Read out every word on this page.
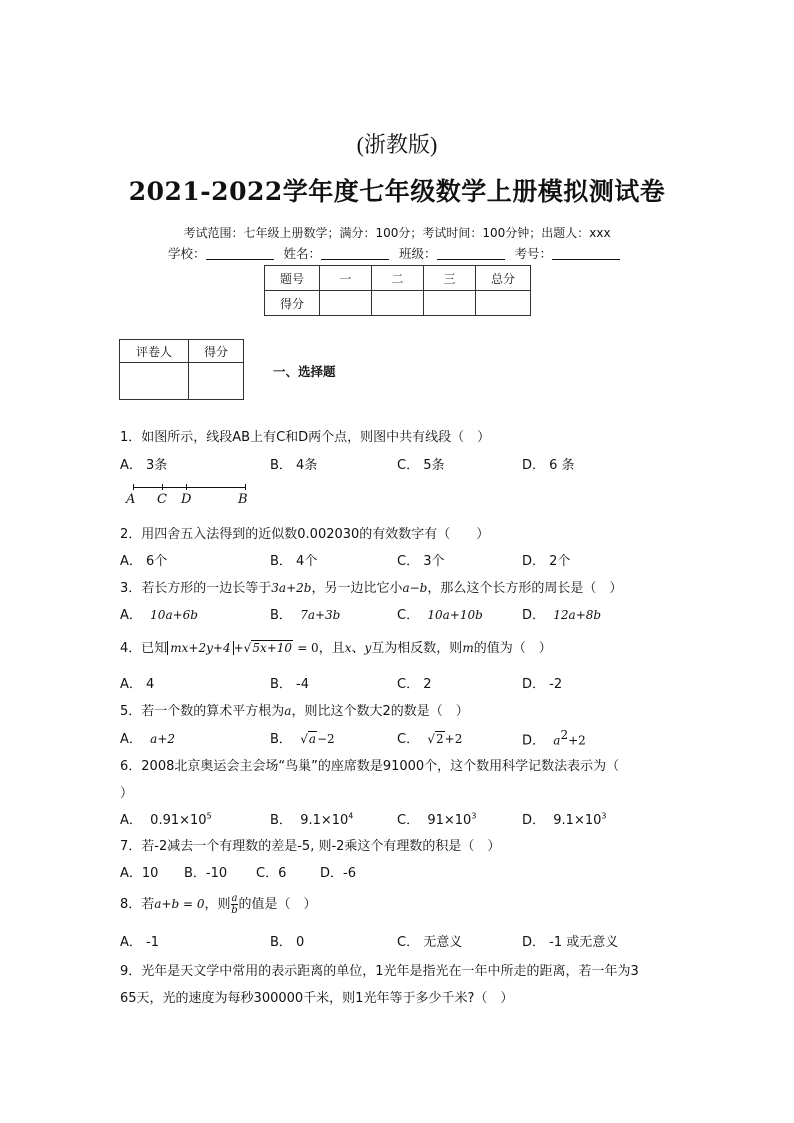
(浙教版)
2021-2022学年度七年级数学上册模拟测试卷
考试范围：七年级上册数学；满分：100分；考试时间：100分钟；出题人：xxx
学校：	姓名：	班级：	考号：
题号	一	二	三	总分
得分				
评卷人	得分

一、选择题
1．如图所示，线段AB上有C和D两个点，则图中共有线段（　）
A． 3条	B． 4条	C． 5条	D． 6 条
A C D	B
2．用四舍五入法得到的近似数0.002030的有效数字有（　　）
A． 6个	B． 4个	C． 3个	D． 2个
3．若长方形的一边长等于3a+2b，另一边比它小a−b，那么这个长方形的周长是（　）
A． 10a+6b	B． 7a+3b	C． 10a+10b	D． 12a+8b
4．已知 mx+2y+4 +√5x+10 = 0，且x、y互为相反数，则m的值为（　）
A． 4	B． -4	C． 2	D． -2
5．若一个数的算术平方根为a，则比这个数大2的数是（　）
A． a+2	B． √a−2	C． √2+2	D． $a^2+2$
6．2008北京奥运会主会场“鸟巢”的座席数是91000个，这个数用科学记数法表示为（
）
A． $0.91\times 10^5$	B． $9.1\times 10^4$	C． $91\times 10^3$	D． $9.1\times 10^3$
7．若-2减去一个有理数的差是-5, 则-2乘这个有理数的积是（　）
A．10 B．-10 C．6	D．-6
8．若a+b = 0，则 $\frac{a}{b}$ 的值是（　）
A． -1	B． 0	C． 无意义	D． -1 或无意义
9．光年是天文学中常用的表示距离的单位，1光年是指光在一年中所走的距离，若一年为3
65天，光的速度为每秒300000千米，则1光年等于多少千米?（　）
